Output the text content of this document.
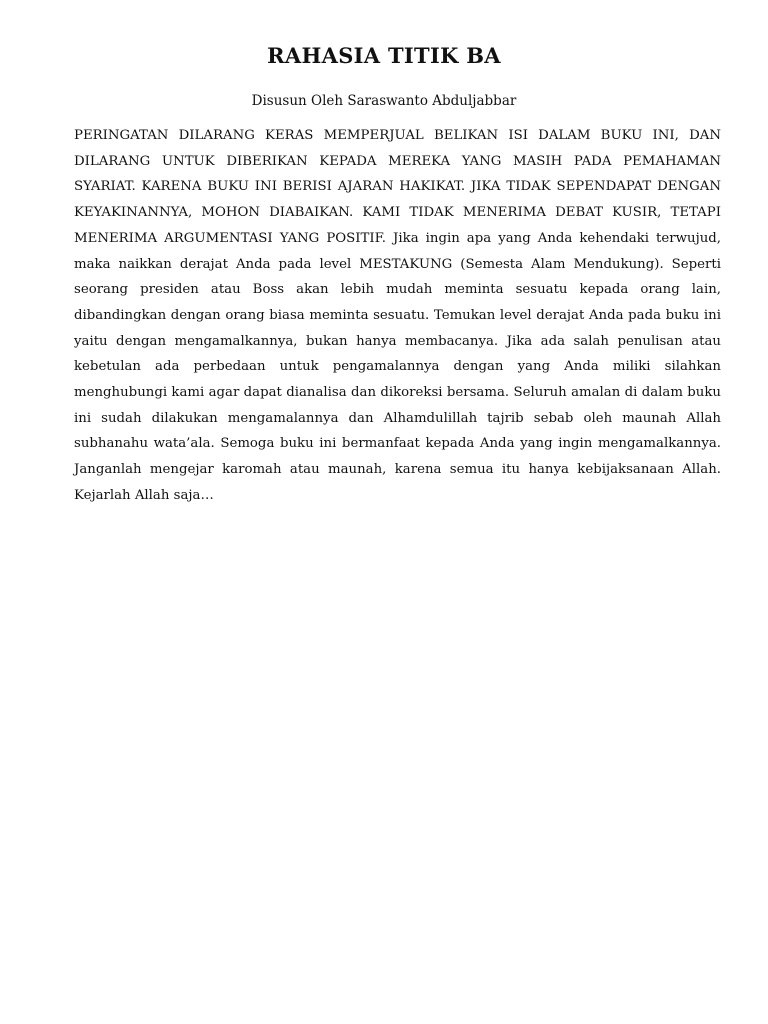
RAHASIA TITIK BA

Disusun Oleh Saraswanto Abduljabbar

PERINGATAN DILARANG KERAS MEMPERJUAL BELIKAN ISI DALAM BUKU INI, DAN DILARANG UNTUK DIBERIKAN KEPADA MEREKA YANG MASIH PADA PEMAHAMAN SYARIAT. KARENA BUKU INI BERISI AJARAN HAKIKAT. JIKA TIDAK SEPENDAPAT DENGAN KEYAKINANNYA, MOHON DIABAIKAN. KAMI TIDAK MENERIMA DEBAT KUSIR, TETAPI MENERIMA ARGUMENTASI YANG POSITIF. Jika ingin apa yang Anda kehendaki terwujud, maka naikkan derajat Anda pada level MESTAKUNG (Semesta Alam Mendukung). Seperti seorang presiden atau Boss akan lebih mudah meminta sesuatu kepada orang lain, dibandingkan dengan orang biasa meminta sesuatu. Temukan level derajat Anda pada buku ini yaitu dengan mengamalkannya, bukan hanya membacanya. Jika ada salah penulisan atau kebetulan ada perbedaan untuk pengamalannya dengan yang Anda miliki silahkan menghubungi kami agar dapat dianalisa dan dikoreksi bersama. Seluruh amalan di dalam buku ini sudah dilakukan mengamalannya dan Alhamdulillah tajrib sebab oleh maunah Allah subhanahu wata’ala. Semoga buku ini bermanfaat kepada Anda yang ingin mengamalkannya. Janganlah mengejar karomah atau maunah, karena semua itu hanya kebijaksanaan Allah. Kejarlah Allah saja…
